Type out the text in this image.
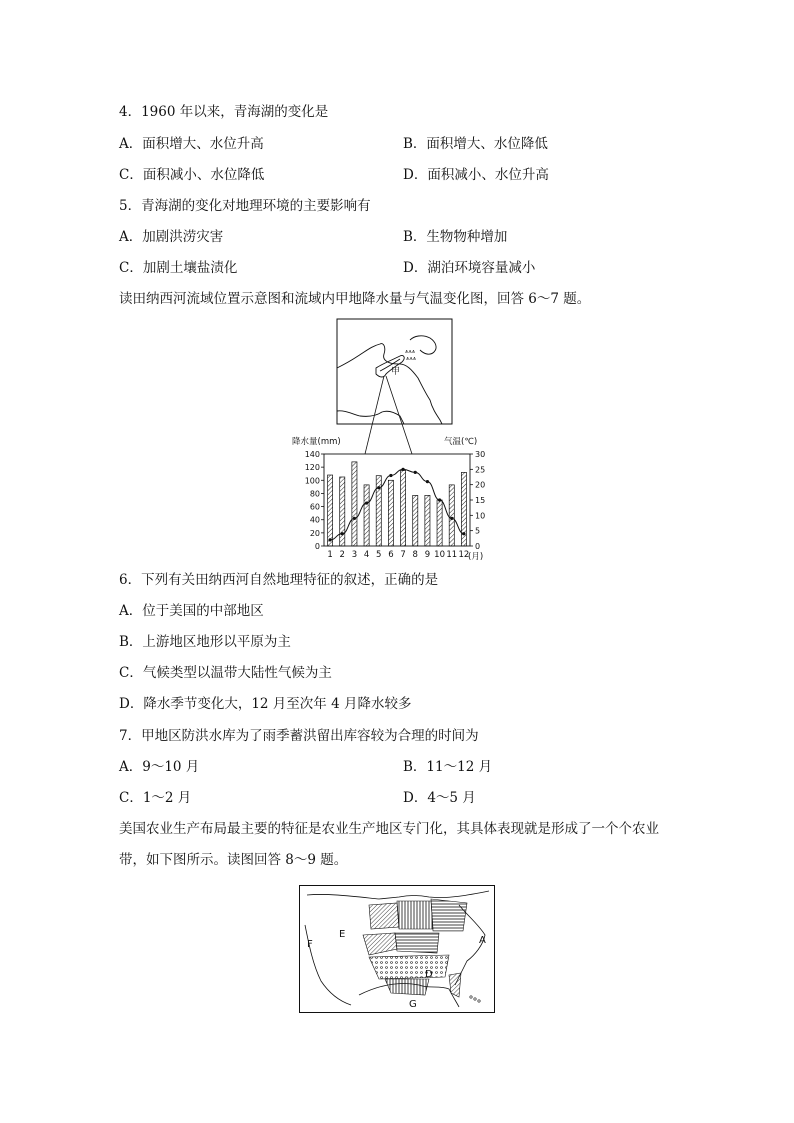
4．1960 年以来，青海湖的变化是
A．面积增大、水位升高	B．面积增大、水位降低
C．面积减小、水位降低	D．面积减小、水位升高
5．青海湖的变化对地理环境的主要影响有
A．加剧洪涝灾害	B．生物物种增加
C．加剧土壤盐渍化	D．湖泊环境容量减小
读田纳西河流域位置示意图和流域内甲地降水量与气温变化图，回答 6～7 题。
甲
⩚⩚⩚
⩚⩚⩚
降水量(mm)	气温(℃)
0
20
40
60
80
100
120
140
0
5
10
15
20
25
30
1 2 3 4 5 6 7 8 9 10 11 12
(月)
6．下列有关田纳西河自然地理特征的叙述，正确的是
A．位于美国的中部地区
B．上游地区地形以平原为主
C．气候类型以温带大陆性气候为主
D．降水季节变化大，12 月至次年 4 月降水较多
7．甲地区防洪水库为了雨季蓄洪留出库容较为合理的时间为
A．9～10 月	B．11～12 月
C．1～2 月	D．4～5 月
美国农业生产布局最主要的特征是农业生产地区专门化，其具体表现就是形成了一个个农业
带，如下图所示。读图回答 8～9 题。
E
F	A
D
G
